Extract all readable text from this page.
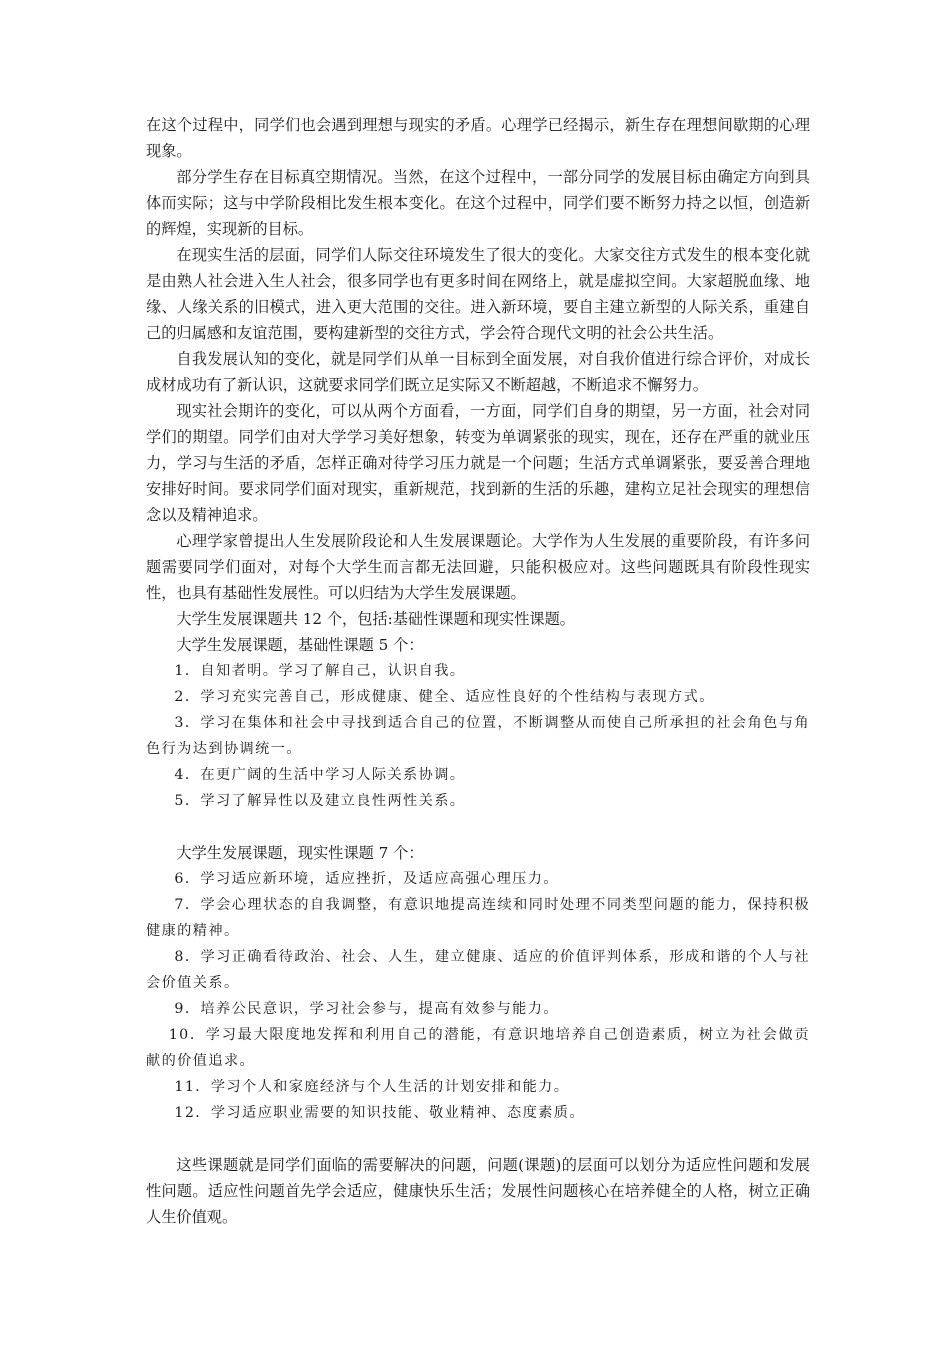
在这个过程中，同学们也会遇到理想与现实的矛盾。心理学已经揭示，新生存在理想间歇期的心理现象。

部分学生存在目标真空期情况。当然，在这个过程中，一部分同学的发展目标由确定方向到具体而实际；这与中学阶段相比发生根本变化。在这个过程中，同学们要不断努力持之以恒，创造新的辉煌，实现新的目标。

在现实生活的层面，同学们人际交往环境发生了很大的变化。大家交往方式发生的根本变化就是由熟人社会进入生人社会，很多同学也有更多时间在网络上，就是虚拟空间。大家超脱血缘、地缘、人缘关系的旧模式，进入更大范围的交往。进入新环境，要自主建立新型的人际关系，重建自己的归属感和友谊范围，要构建新型的交往方式，学会符合现代文明的社会公共生活。

自我发展认知的变化，就是同学们从单一目标到全面发展，对自我价值进行综合评价，对成长成材成功有了新认识，这就要求同学们既立足实际又不断超越，不断追求不懈努力。

现实社会期许的变化，可以从两个方面看，一方面，同学们自身的期望，另一方面，社会对同学们的期望。同学们由对大学学习美好想象，转变为单调紧张的现实，现在，还存在严重的就业压力，学习与生活的矛盾，怎样正确对待学习压力就是一个问题；生活方式单调紧张，要妥善合理地安排好时间。要求同学们面对现实，重新规范，找到新的生活的乐趣，建构立足社会现实的理想信念以及精神追求。

心理学家曾提出人生发展阶段论和人生发展课题论。大学作为人生发展的重要阶段，有许多问题需要同学们面对，对每个大学生而言都无法回避，只能积极应对。这些问题既具有阶段性现实性，也具有基础性发展性。可以归结为大学生发展课题。

大学生发展课题共 12 个，包括:基础性课题和现实性课题。

大学生发展课题，基础性课题 5 个：

1．自知者明。学习了解自己，认识自我。

2．学习充实完善自己，形成健康、健全、适应性良好的个性结构与表现方式。

3．学习在集体和社会中寻找到适合自己的位置，不断调整从而使自己所承担的社会角色与角色行为达到协调统一。

4．在更广阔的生活中学习人际关系协调。

5．学习了解异性以及建立良性两性关系。

大学生发展课题，现实性课题 7 个：

6．学习适应新环境，适应挫折，及适应高强心理压力。

7．学会心理状态的自我调整，有意识地提高连续和同时处理不同类型问题的能力，保持积极健康的精神。

8．学习正确看待政治、社会、人生，建立健康、适应的价值评判体系，形成和谐的个人与社会价值关系。

9．培养公民意识，学习社会参与，提高有效参与能力。

10．学习最大限度地发挥和利用自己的潜能，有意识地培养自己创造素质，树立为社会做贡献的价值追求。

11．学习个人和家庭经济与个人生活的计划安排和能力。

12．学习适应职业需要的知识技能、敬业精神、态度素质。

这些课题就是同学们面临的需要解决的问题，问题(课题)的层面可以划分为适应性问题和发展性问题。适应性问题首先学会适应，健康快乐生活；发展性问题核心在培养健全的人格，树立正确人生价值观。
